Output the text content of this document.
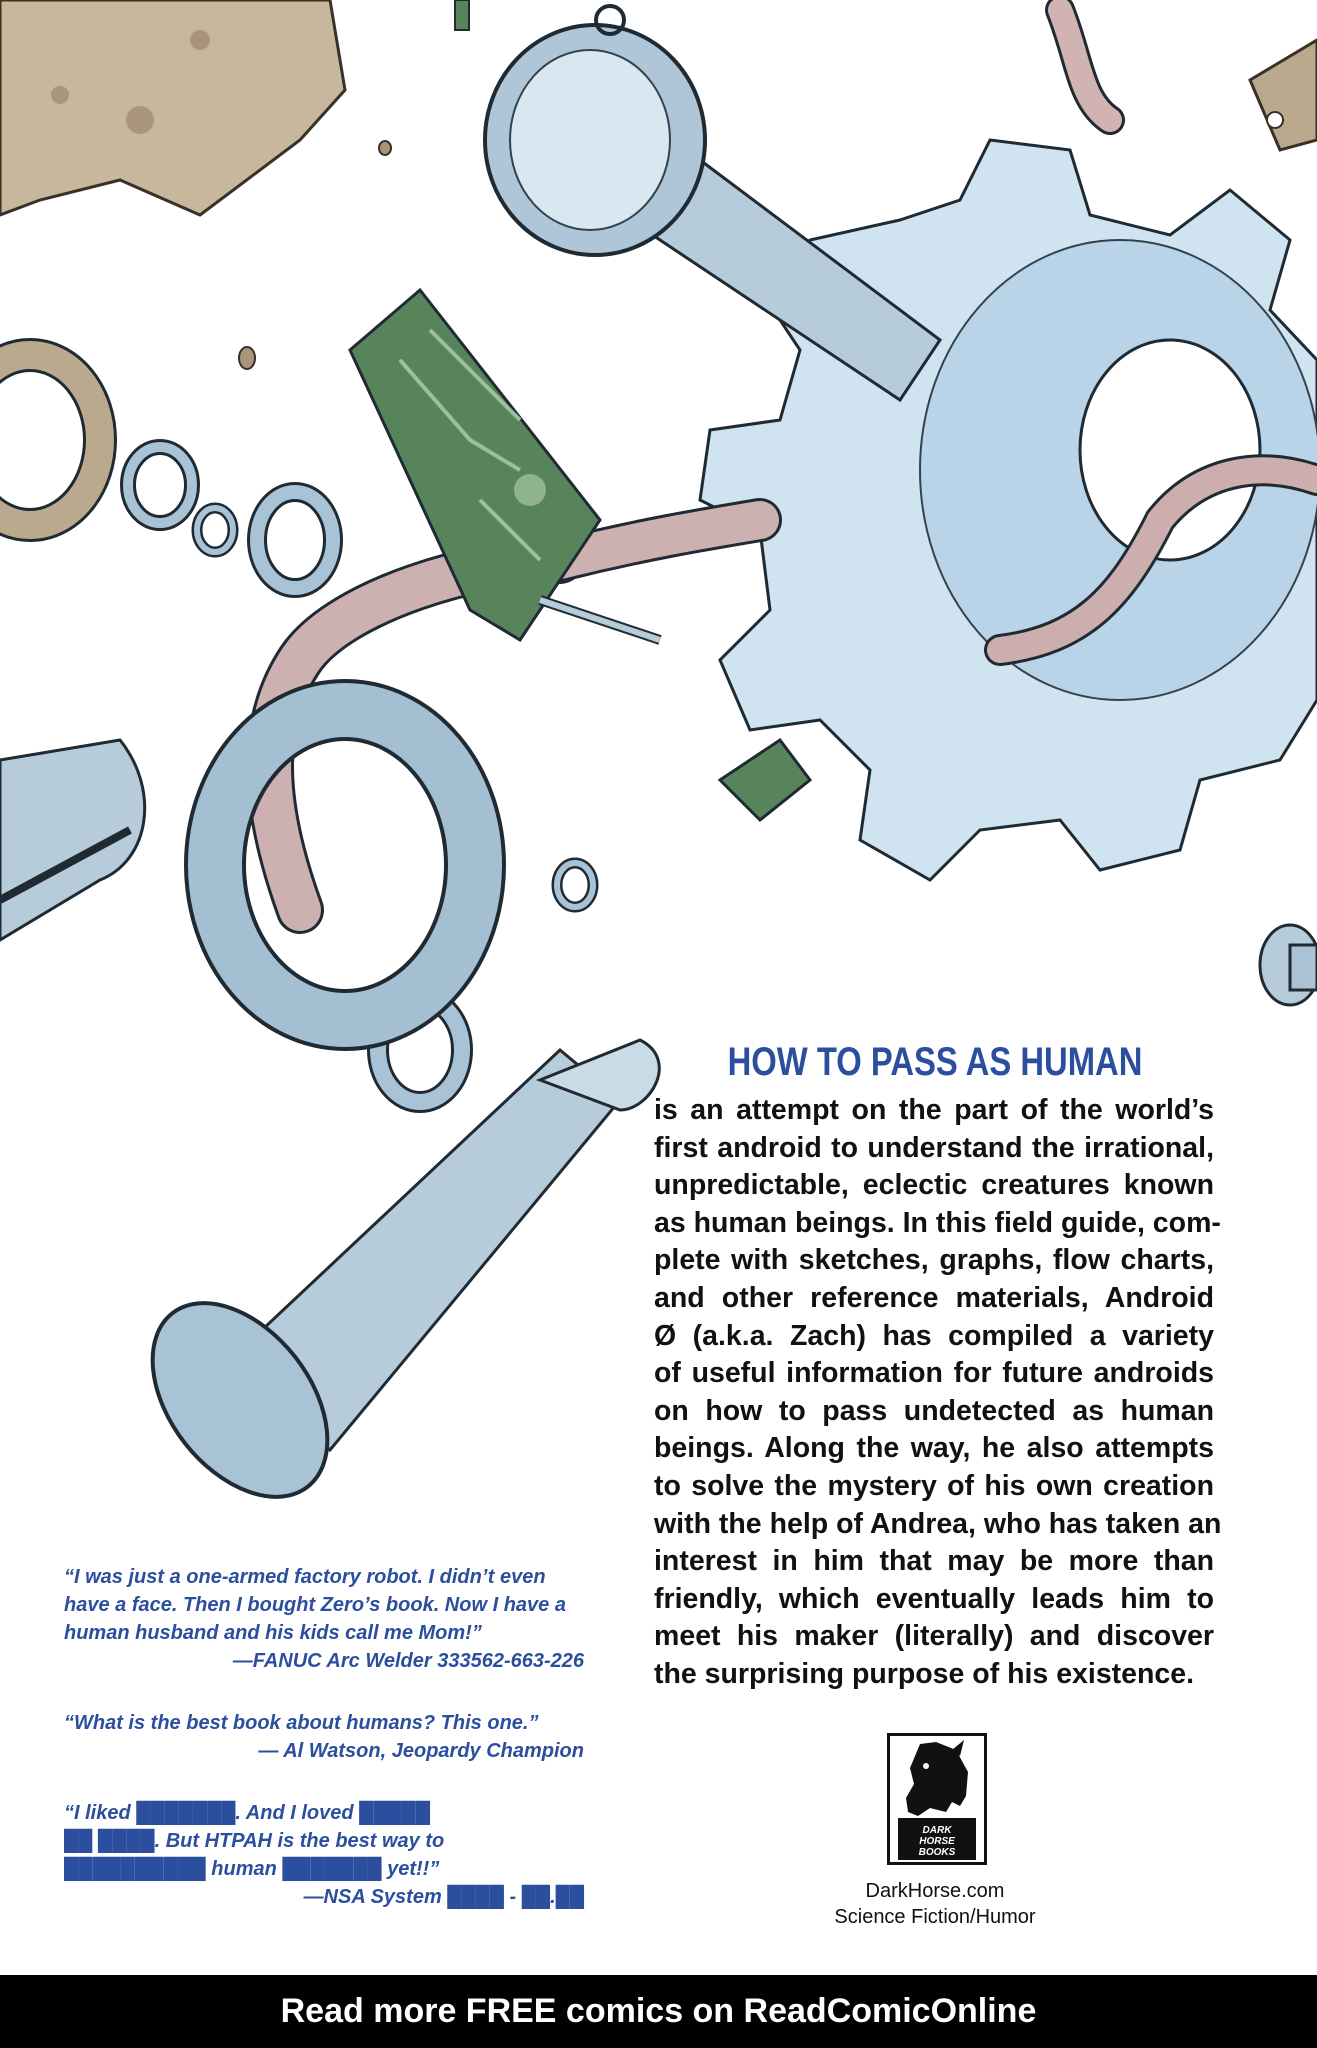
HOW TO PASS AS HUMAN
is an attempt on the part of the world’s
first android to understand the irrational,
unpredictable, eclectic creatures known
as human beings. In this field guide, com-
plete with sketches, graphs, flow charts,
and other reference materials, Android
Ø (a.k.a. Zach) has compiled a variety
of useful information for future androids
on how to pass undetected as human
beings. Along the way, he also attempts
to solve the mystery of his own creation
with the help of Andrea, who has taken an
interest in him that may be more than
friendly, which eventually leads him to
meet his maker (literally) and discover
the surprising purpose of his existence.
“I was just a one-armed factory robot. I didn’t even
have a face. Then I bought Zero’s book. Now I have a
human husband and his kids call me Mom!”
—FANUC Arc Welder 333562-663-226
“What is the best book about humans? This one.”
— Al Watson, Jeopardy Champion
“I liked ███████. And I loved █████
██ ████. But HTPAH is the best way to
██████████ human ███████ yet!!”
—NSA System ████ - ██.██
DARK
HORSE
BOOKS
DarkHorse.com
Science Fiction/Humor
Read more FREE comics on ReadComicOnline
